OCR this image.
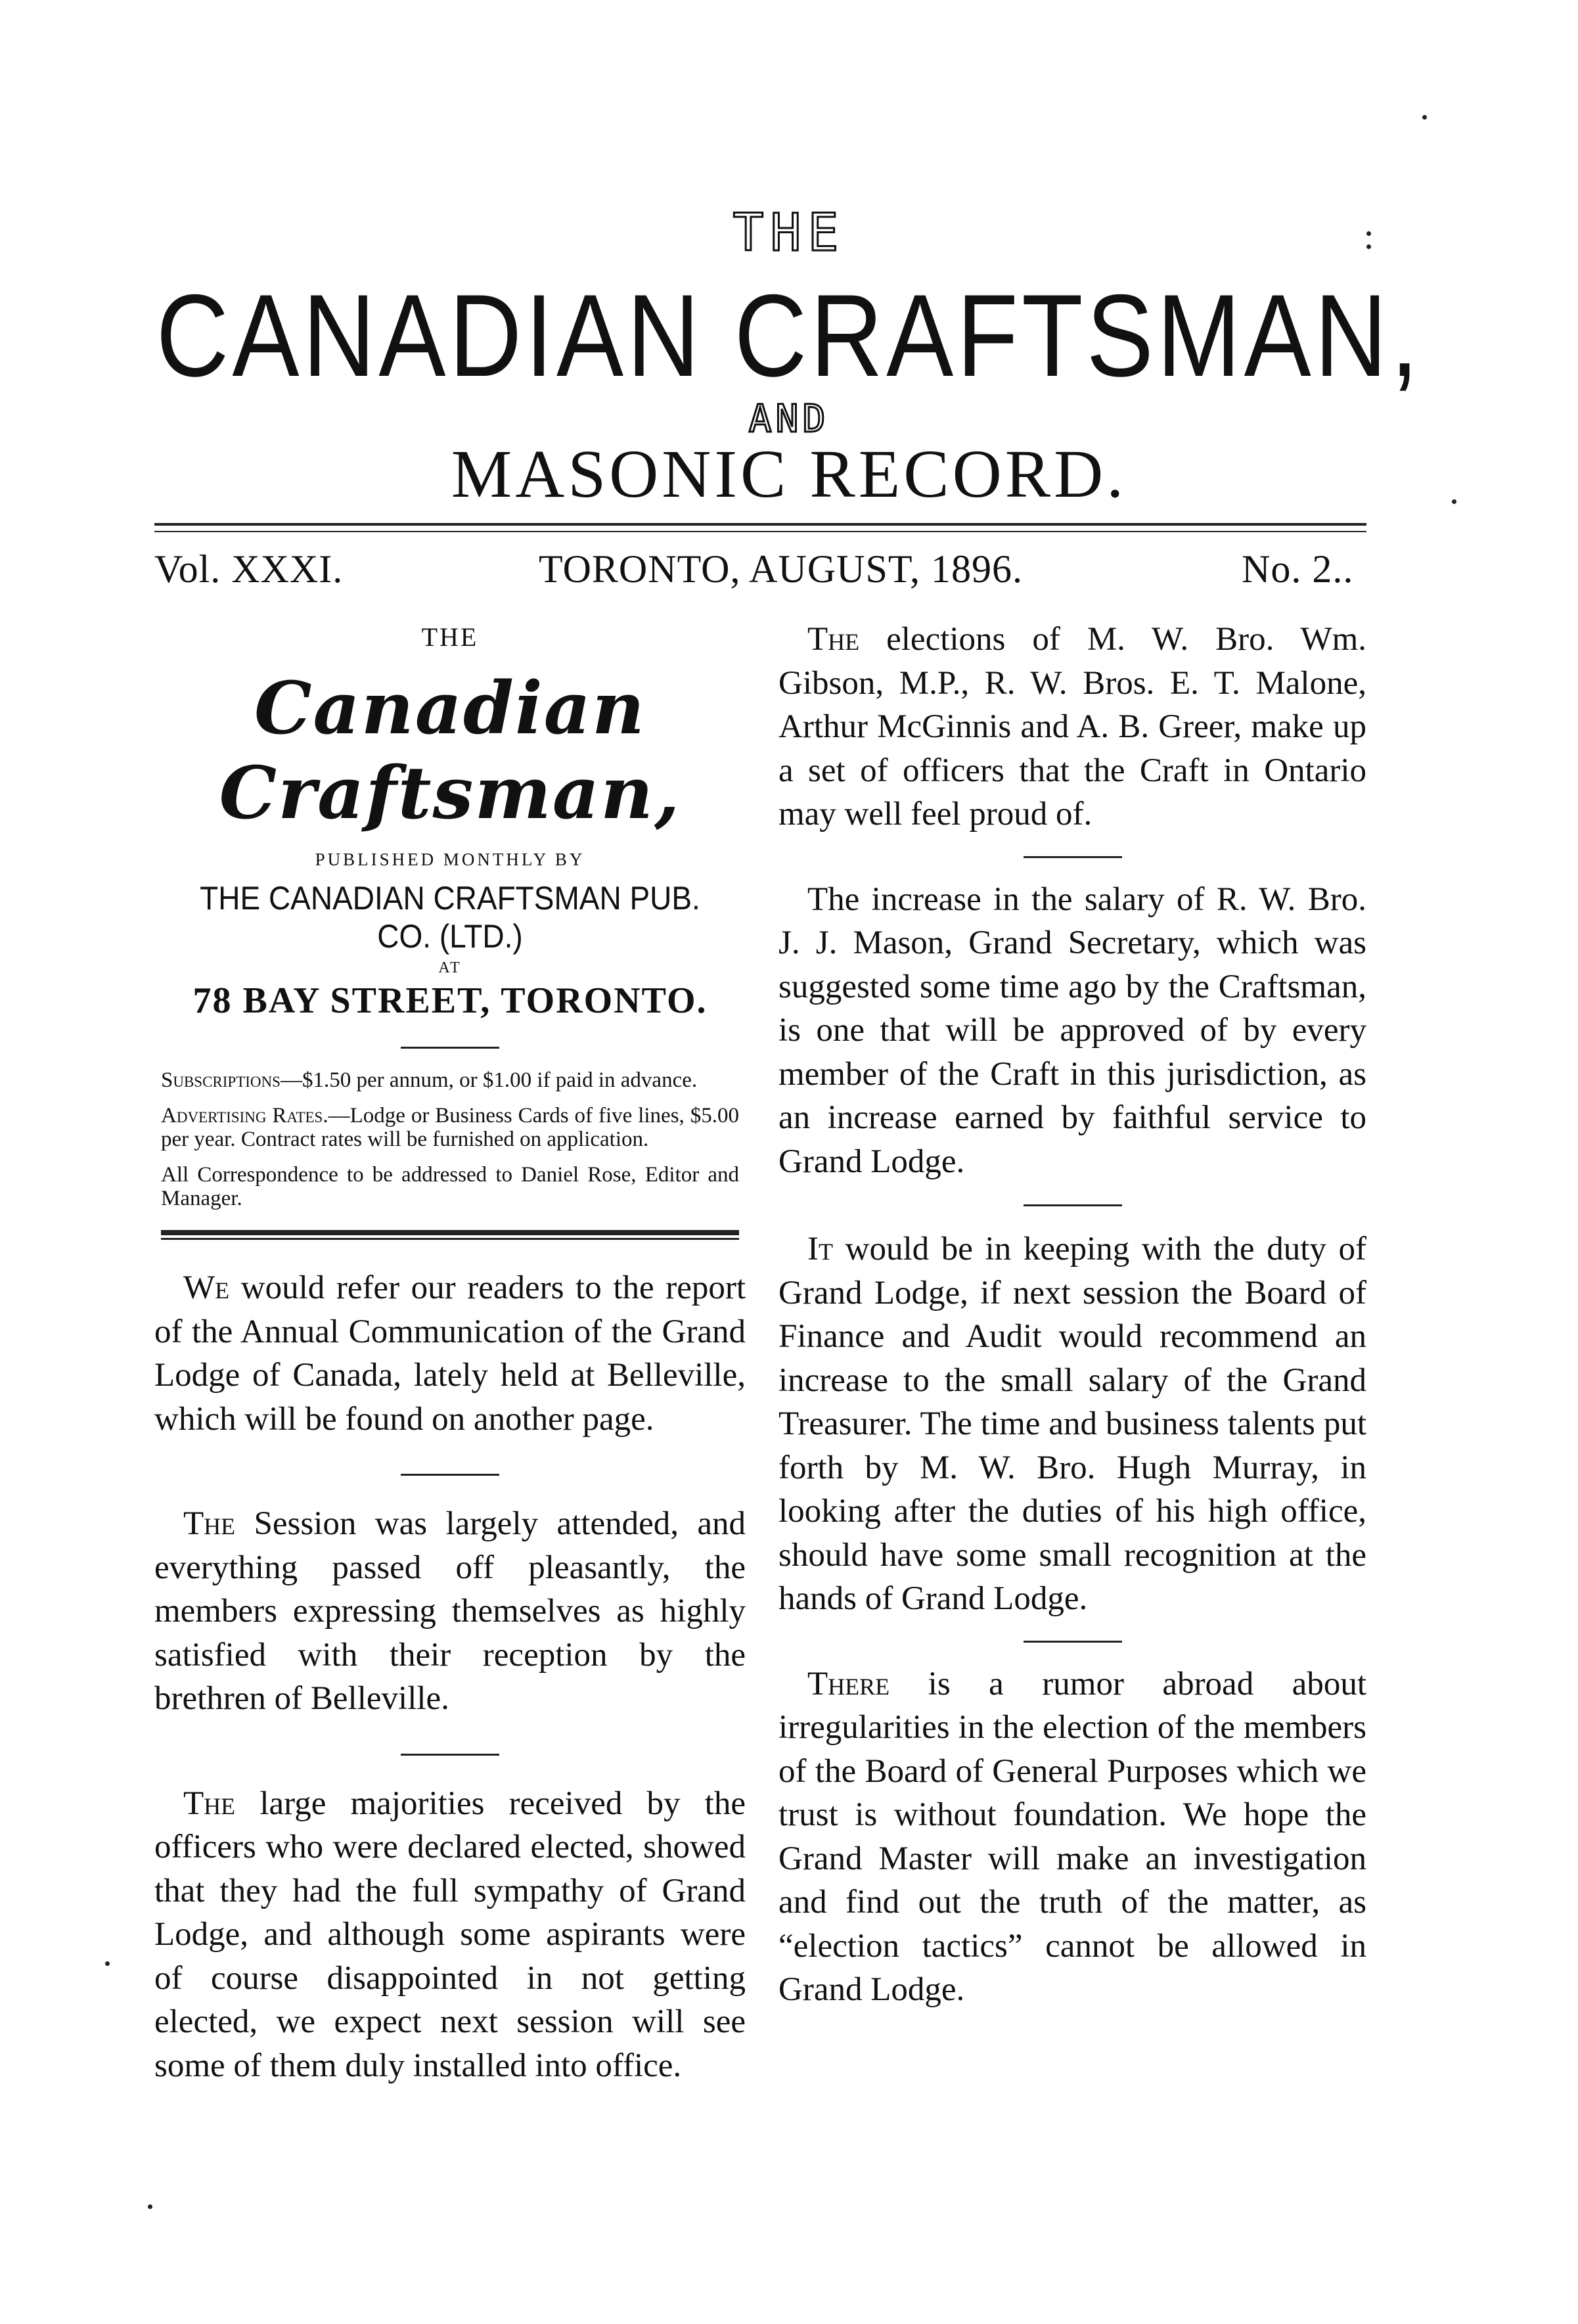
THE
CANADIAN CRAFTSMAN,
AND
MASONIC RECORD.
Vol. XXXI.	TORONTO, AUGUST, 1896.	No. 2..
THE
Canadian Craftsman,
PUBLISHED MONTHLY BY
THE CANADIAN CRAFTSMAN PUB. CO. (LTD.)
AT
78 BAY STREET, TORONTO.

Subscriptions—$1.50 per annum, or $1.00 if paid in advance.

Advertising Rates.—Lodge or Business Cards of five lines, $5.00 per year. Contract rates will be furnished on application.

All Correspondence to be addressed to Daniel Rose, Editor and Manager.

We would refer our readers to the report of the Annual Communication of the Grand Lodge of Canada, lately held at Belleville, which will be found on another page.

The Session was largely attended, and everything passed off pleasantly, the members expressing themselves as highly satisfied with their reception by the brethren of Belleville.

The large majorities received by the officers who were declared elected, showed that they had the full sympathy of Grand Lodge, and although some aspirants were of course disappointed in not getting elected, we expect next session will see some of them duly installed into office.

The elections of M. W. Bro. Wm. Gibson, M.P., R. W. Bros. E. T. Malone, Arthur McGinnis and A. B. Greer, make up a set of officers that the Craft in Ontario may well feel proud of.

The increase in the salary of R. W. Bro. J. J. Mason, Grand Secretary, which was suggested some time ago by the Craftsman, is one that will be approved of by every member of the Craft in this jurisdiction, as an increase earned by faithful service to Grand Lodge.

It would be in keeping with the duty of Grand Lodge, if next session the Board of Finance and Audit would recommend an increase to the small salary of the Grand Treasurer. The time and business talents put forth by M. W. Bro. Hugh Murray, in looking after the duties of his high office, should have some small recognition at the hands of Grand Lodge.

There is a rumor abroad about irregularities in the election of the members of the Board of General Purposes which we trust is without foundation. We hope the Grand Master will make an investigation and find out the truth of the matter, as “election tactics” cannot be allowed in Grand Lodge.
